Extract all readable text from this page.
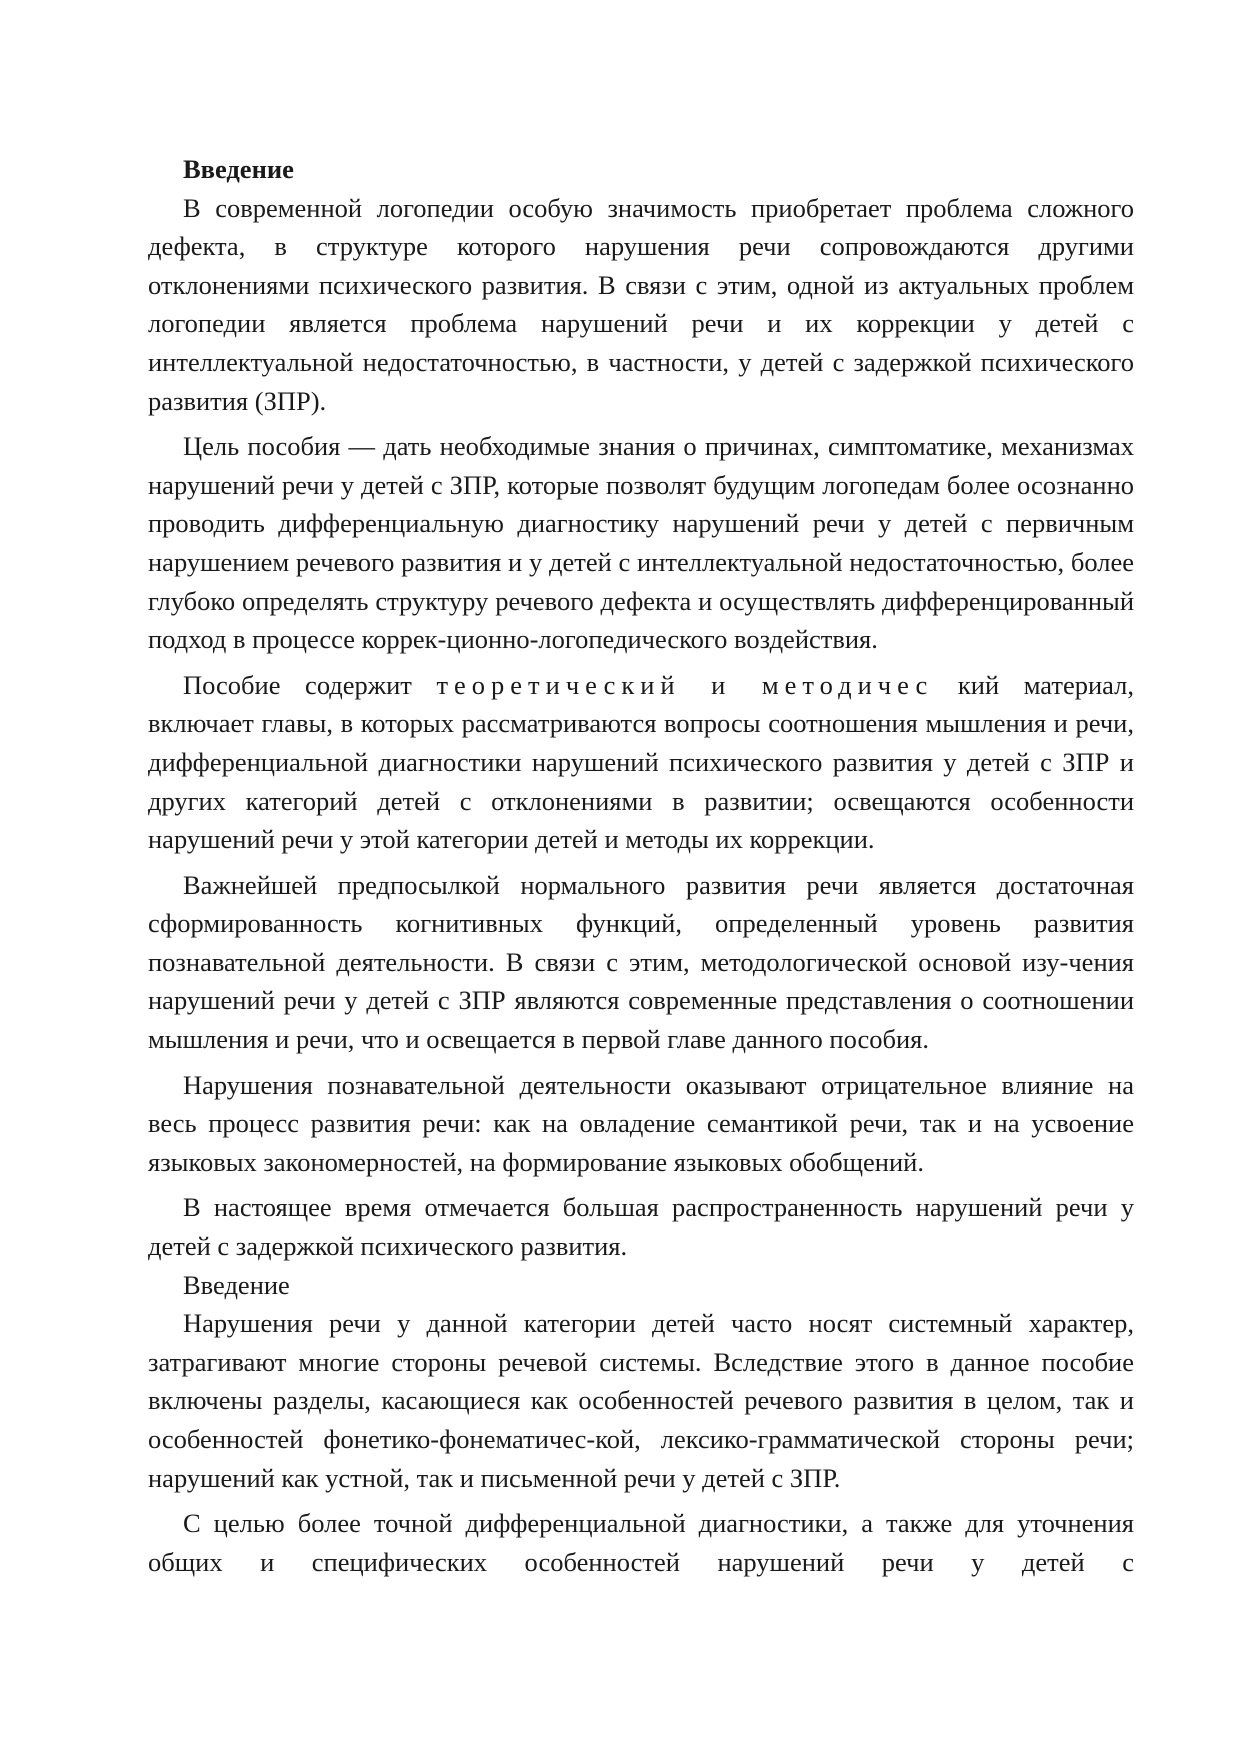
Введение

В современной логопедии особую значимость приобретает проблема сложного дефекта, в структуре которого нарушения речи сопровождаются другими отклонениями психического развития. В связи с этим, одной из актуальных проблем логопедии является проблема нарушений речи и их коррекции у детей с интеллектуальной недостаточностью, в частности, у детей с задержкой психического развития (ЗПР).

Цель пособия — дать необходимые знания о причинах, симптоматике, механизмах нарушений речи у детей с ЗПР, которые позволят будущим логопедам более осознанно проводить дифференциальную диагностику нарушений речи у детей с первичным нарушением речевого развития и у детей с интеллектуальной недостаточностью, более глубоко определять структуру речевого дефекта и осуществлять дифференцированный подход в процессе коррек-ционно-логопедического воздействия.

Пособие содержит теоретический и методичес кий материал, включает главы, в которых рассматриваются вопросы соотношения мышления и речи, дифференциальной диагностики нарушений психического развития у детей с ЗПР и других категорий детей с отклонениями в развитии; освещаются особенности нарушений речи у этой категории детей и методы их коррекции.

Важнейшей предпосылкой нормального развития речи является достаточная сформированность когнитивных функций, определенный уровень развития познавательной деятельности. В связи с этим, методологической основой изу-чения нарушений речи у детей с ЗПР являются современные представления о соотношении мышления и речи, что и освещается в первой главе данного пособия.

Нарушения познавательной деятельности оказывают отрицательное влияние на весь процесс развития речи: как на овладение семантикой речи, так и на усвоение языковых закономерностей, на формирование языковых обобщений.

В настоящее время отмечается большая распространенность нарушений речи у детей с задержкой психического развития.

Введение

Нарушения речи у данной категории детей часто носят системный характер, затрагивают многие стороны речевой системы. Вследствие этого в данное пособие включены разделы, касающиеся как особенностей речевого развития в целом, так и особенностей фонетико-фонематичес-кой, лексико-грамматической стороны речи; нарушений как устной, так и письменной речи у детей с ЗПР.

С целью более точной дифференциальной диагностики, а также для уточнения общих и специфических особенностей нарушений речи у детей с
